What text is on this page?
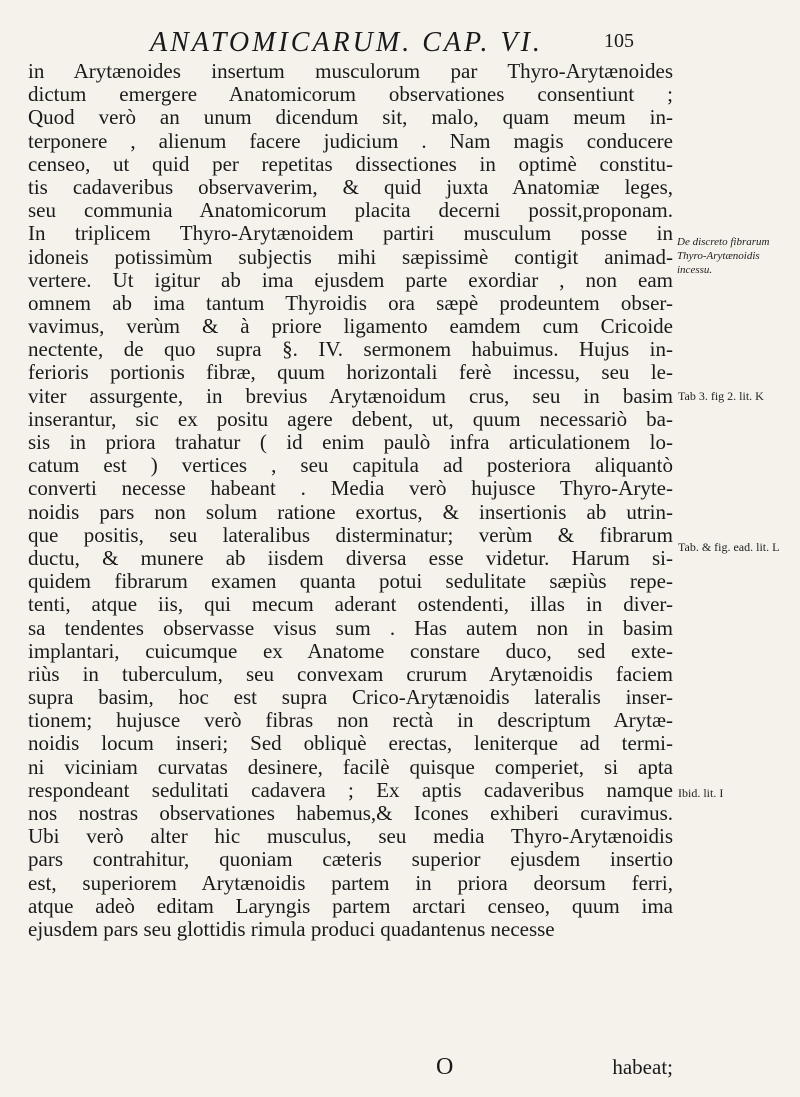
ANATOMICARUM. CAP. VI.	105
in Arytænoides insertum musculorum par Thyro-Arytænoides
dictum emergere Anatomicorum observationes consentiunt ;
Quod verò an unum dicendum sit, malo, quam meum in-
terponere , alienum facere judicium . Nam magis conducere
censeo, ut quid per repetitas dissectiones in optimè constitu-
tis cadaveribus observaverim, & quid juxta Anatomiæ leges,
seu communia Anatomicorum placita decerni possit,proponam.
In triplicem Thyro-Arytænoidem partiri musculum posse in
idoneis potissimùm subjectis mihi sæpissimè contigit animad-
vertere. Ut igitur ab ima ejusdem parte exordiar , non eam
omnem ab ima tantum Thyroidis ora sæpè prodeuntem obser-
vavimus, verùm & à priore ligamento eamdem cum Cricoide
nectente, de quo supra §. IV. sermonem habuimus. Hujus in-
ferioris portionis fibræ, quum horizontali ferè incessu, seu le-
viter assurgente, in brevius Arytænoidum crus, seu in basim
inserantur, sic ex positu agere debent, ut, quum necessariò ba-
sis in priora trahatur ( id enim paulò infra articulationem lo-
catum est ) vertices , seu capitula ad posteriora aliquantò
converti necesse habeant . Media verò hujusce Thyro-Aryte-
noidis pars non solum ratione exortus, & insertionis ab utrin-
que positis, seu lateralibus disterminatur; verùm & fibrarum
ductu, & munere ab iisdem diversa esse videtur. Harum si-
quidem fibrarum examen quanta potui sedulitate sæpiùs repe-
tenti, atque iis, qui mecum aderant ostendenti, illas in diver-
sa tendentes observasse visus sum . Has autem non in basim
implantari, cuicumque ex Anatome constare duco, sed exte-
riùs in tuberculum, seu convexam crurum Arytænoidis faciem
supra basim, hoc est supra Crico-Arytænoidis lateralis inser-
tionem; hujusce verò fibras non rectà in descriptum Arytæ-
noidis locum inseri; Sed obliquè erectas, leniterque ad termi-
ni viciniam curvatas desinere, facilè quisque comperiet, si apta
respondeant sedulitati cadavera ; Ex aptis cadaveribus namque
nos nostras observationes habemus,& Icones exhiberi curavimus.
Ubi verò alter hic musculus, seu media Thyro-Arytænoidis
pars contrahitur, quoniam cæteris superior ejusdem insertio
est, superiorem Arytænoidis partem in priora deorsum ferri,
atque adeò editam Laryngis partem arctari censeo, quum ima
ejusdem pars seu glottidis rimula produci quadantenus necesse
De discreto fibrarum Thyro-Arytænoidis incessu.
Tab 3. fig 2. lit. K
Tab. & fig. ead. lit. L
Ibid. lit. I
O	habeat;
